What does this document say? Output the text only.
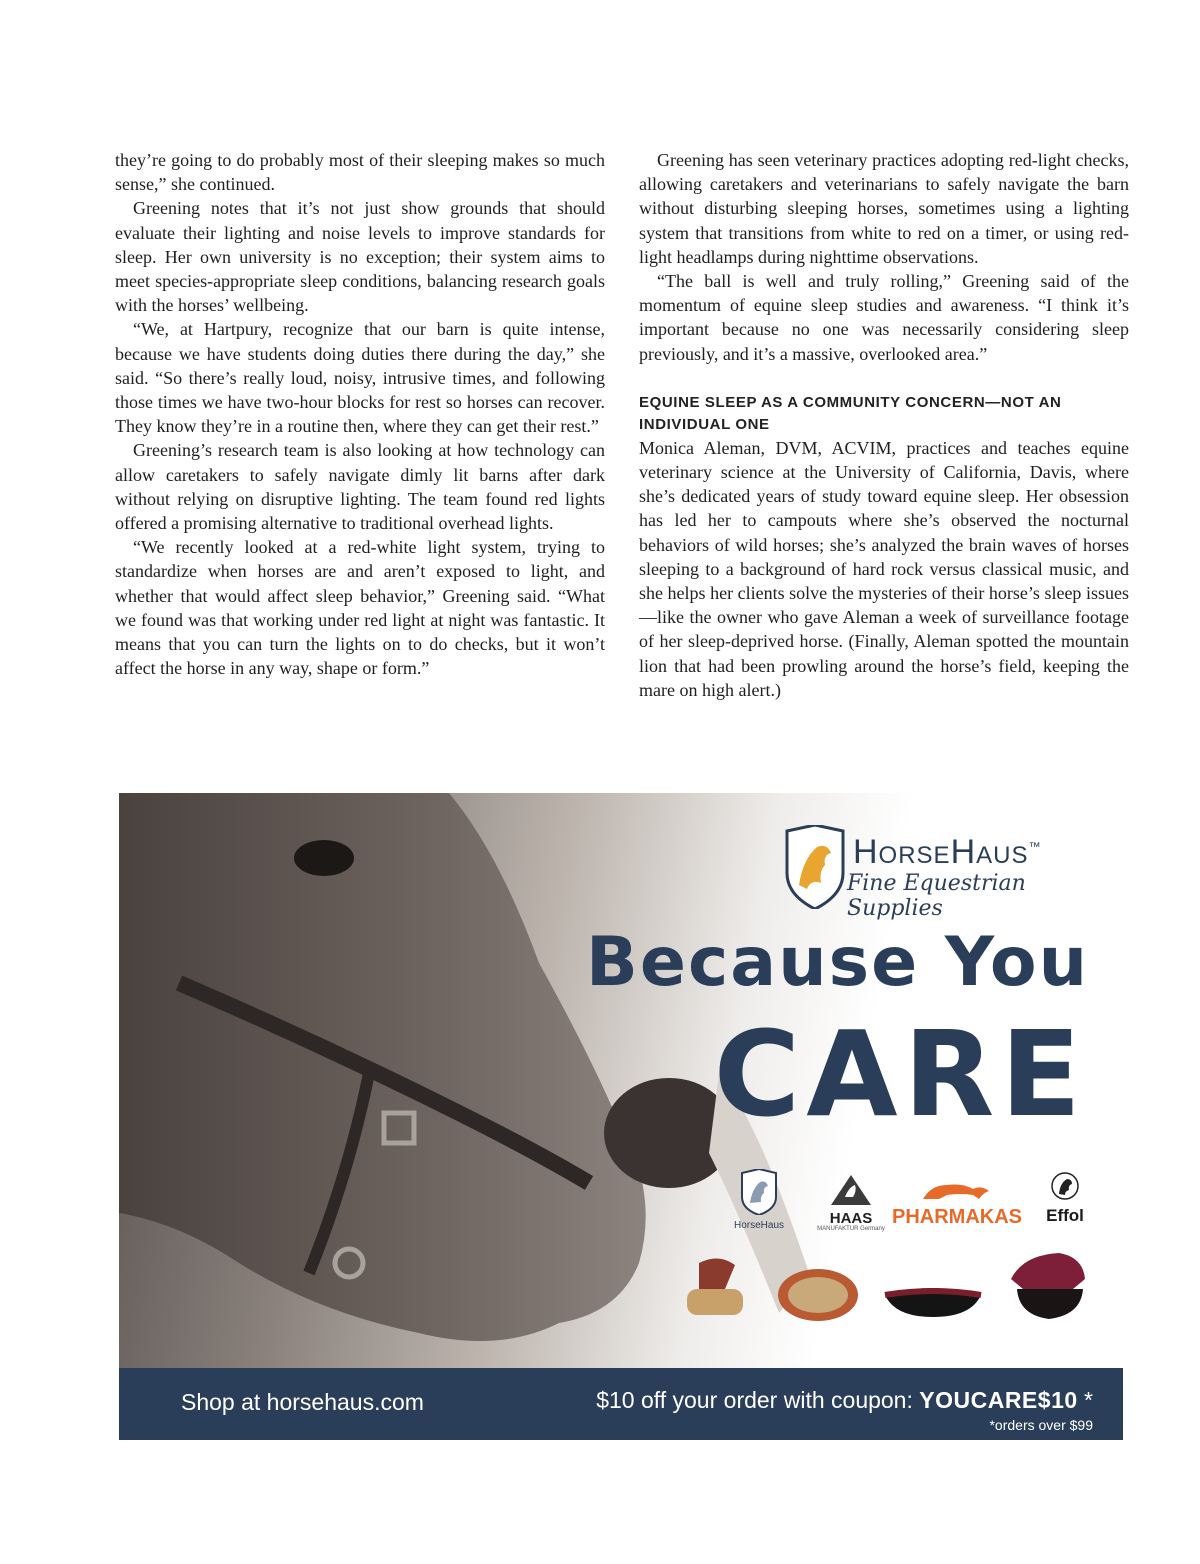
they’re going to do probably most of their sleeping makes so much sense,” she continued.

Greening notes that it’s not just show grounds that should evaluate their lighting and noise levels to improve standards for sleep. Her own university is no exception; their system aims to meet species-appropriate sleep conditions, balancing research goals with the horses’ wellbeing.

“We, at Hartpury, recognize that our barn is quite intense, because we have students doing duties there during the day,” she said. “So there’s really loud, noisy, intrusive times, and following those times we have two-hour blocks for rest so horses can recover. They know they’re in a routine then, where they can get their rest.”

Greening’s research team is also looking at how technology can allow caretakers to safely navigate dimly lit barns after dark without relying on disruptive lighting. The team found red lights offered a promising alternative to traditional overhead lights.

“We recently looked at a red-white light system, trying to standardize when horses are and aren’t exposed to light, and whether that would affect sleep behavior,” Greening said. “What we found was that working under red light at night was fantastic. It means that you can turn the lights on to do checks, but it won’t affect the horse in any way, shape or form.”

Greening has seen veterinary practices adopting red-light checks, allowing caretakers and veterinarians to safely navigate the barn without disturbing sleeping horses, sometimes using a lighting system that transitions from white to red on a timer, or using red-light headlamps during nighttime observations.

“The ball is well and truly rolling,” Greening said of the momentum of equine sleep studies and awareness. “I think it’s important because no one was necessarily considering sleep previously, and it’s a massive, overlooked area.”

EQUINE SLEEP AS A COMMUNITY CONCERN—NOT AN INDIVIDUAL ONE

Monica Aleman, DVM, ACVIM, practices and teaches equine veterinary science at the University of California, Davis, where she’s dedicated years of study toward equine sleep. Her obsession has led her to campouts where she’s observed the nocturnal behaviors of wild horses; she’s analyzed the brain waves of horses sleeping to a background of hard rock versus classical music, and she helps her clients solve the mysteries of their horse’s sleep issues—like the owner who gave Aleman a week of surveillance footage of her sleep-deprived horse. (Finally, Aleman spotted the mountain lion that had been prowling around the horse’s field, keeping the mare on high alert.)

HorseHaus™
Fine Equestrian Supplies
Because You
CARE
HorseHaus	HAAS
MANUFAKTUR Germany
PHARMAKAS	Effol
Shop at horsehaus.com	$10 off your order with coupon: YOUCARE$10 *
*orders over $99
